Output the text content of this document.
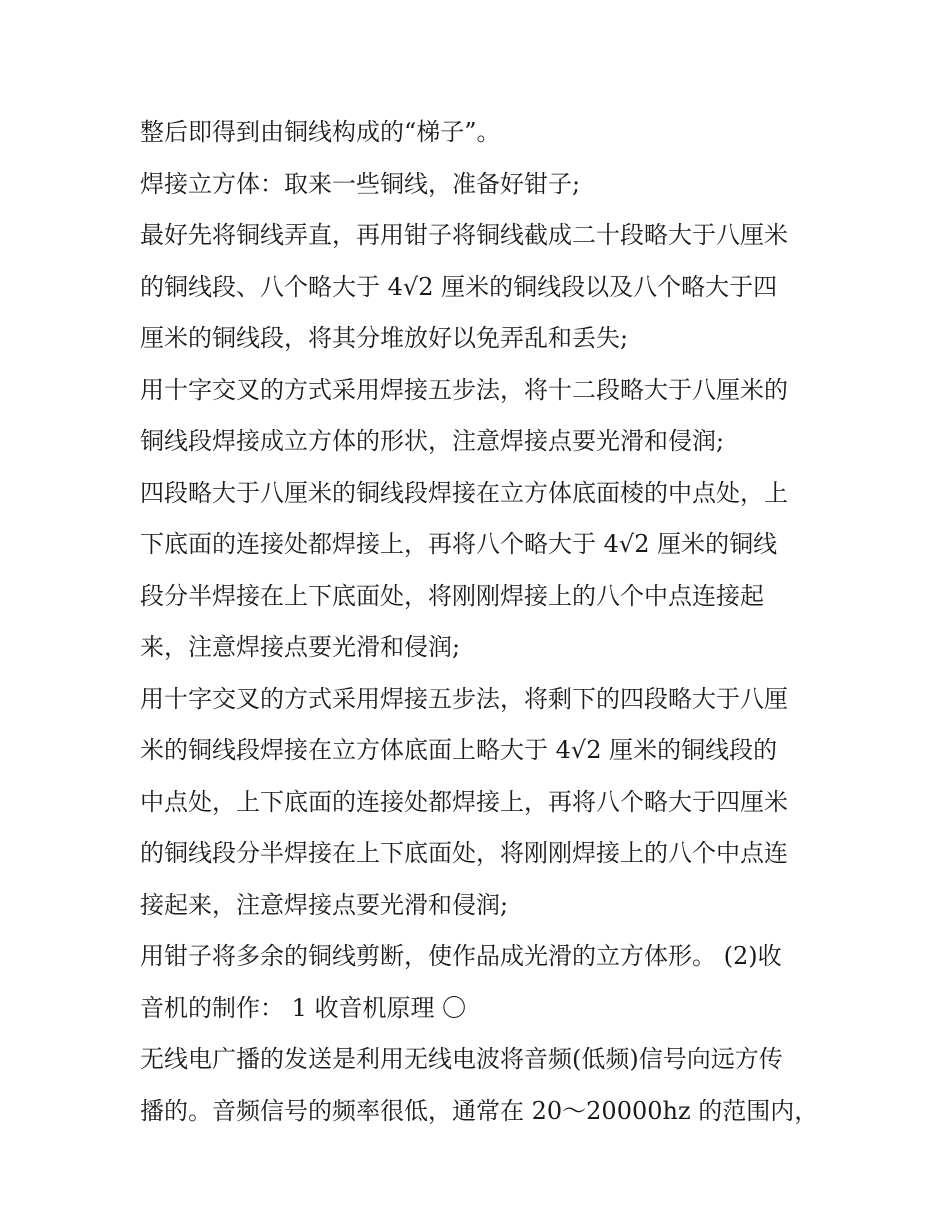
整后即得到由铜线构成的“梯子”。

焊接立方体：取来一些铜线，准备好钳子;

最好先将铜线弄直，再用钳子将铜线截成二十段略大于八厘米
的铜线段、八个略大于 4√2 厘米的铜线段以及八个略大于四
厘米的铜线段，将其分堆放好以免弄乱和丢失;

用十字交叉的方式采用焊接五步法，将十二段略大于八厘米的
铜线段焊接成立方体的形状，注意焊接点要光滑和侵润;

四段略大于八厘米的铜线段焊接在立方体底面棱的中点处，上
下底面的连接处都焊接上，再将八个略大于 4√2 厘米的铜线
段分半焊接在上下底面处，将刚刚焊接上的八个中点连接起
来，注意焊接点要光滑和侵润;

用十字交叉的方式采用焊接五步法，将剩下的四段略大于八厘
米的铜线段焊接在立方体底面上略大于 4√2 厘米的铜线段的
中点处，上下底面的连接处都焊接上，再将八个略大于四厘米
的铜线段分半焊接在上下底面处，将刚刚焊接上的八个中点连
接起来，注意焊接点要光滑和侵润;

用钳子将多余的铜线剪断，使作品成光滑的立方体形。 (2)收
音机的制作： 1 收音机原理 〇

无线电广播的发送是利用无线电波将音频(低频)信号向远方传
播的。音频信号的频率很低，通常在 20～20000hz 的范围内，
